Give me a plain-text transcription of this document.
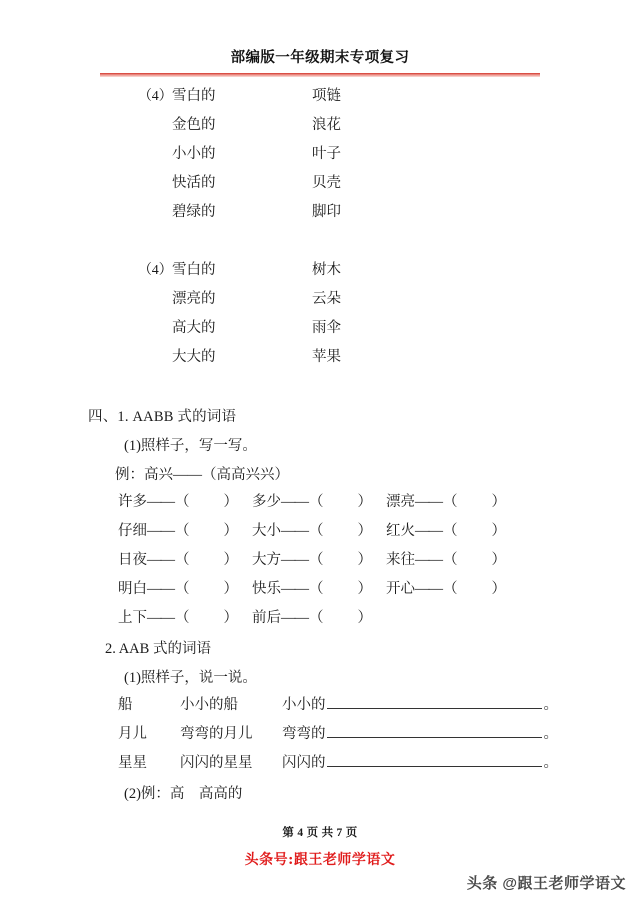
部编版一年级期末专项复习
（4） 雪白的	项链
金色的	浪花
小小的	叶子
快活的	贝壳
碧绿的	脚印
（4） 雪白的	树木
漂亮的	云朵
高大的	雨伞
大大的	苹果
四、1. AABB 式的词语
(1)照样子，写一写。
例：高兴——（高高兴兴）
许多——（ ） 多少——（ ） 漂亮——（ ）
仔细——（ ） 大小——（ ） 红火——（ ）
日夜——（ ） 大方——（ ） 来往——（ ）
明白——（ ） 快乐——（ ） 开心——（ ）
上下——（ ） 前后——（ ）
2. AAB 式的词语
(1)照样子，说一说。
船	小小的船	小小的	。
月儿	弯弯的月儿	弯弯的	。
星星	闪闪的星星	闪闪的	。
(2)例：高　高高的
第 4 页 共 7 页
头条号:跟王老师学语文
头条 @跟王老师学语文
